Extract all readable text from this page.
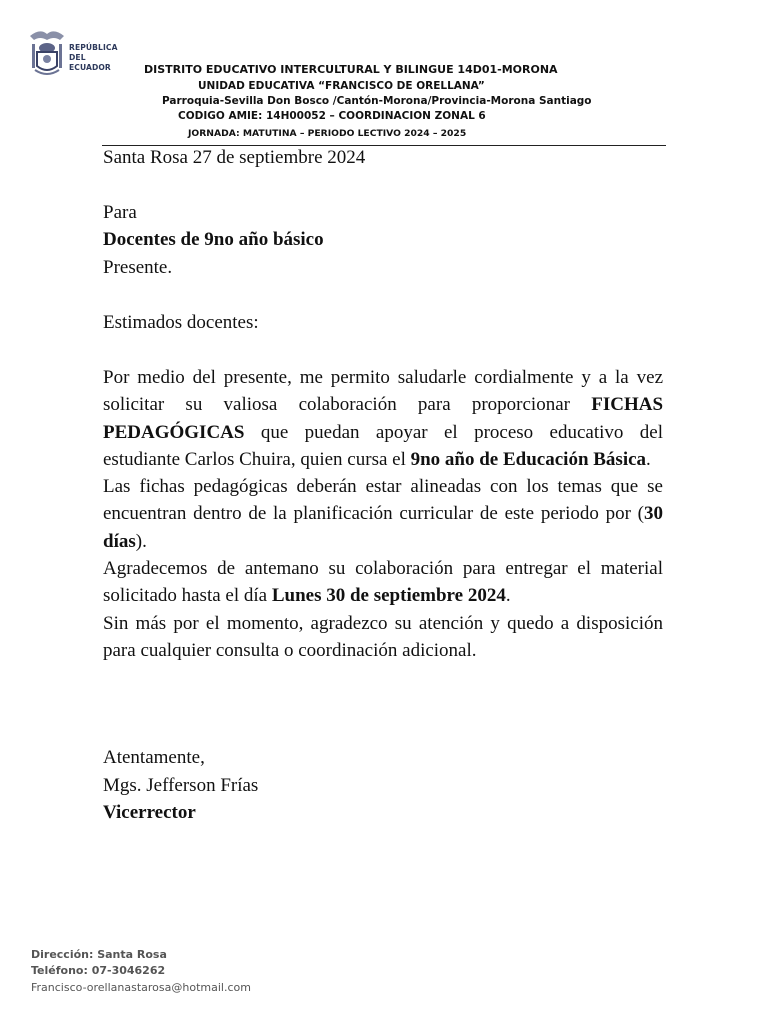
REPÚBLICA
DEL ECUADOR	DISTRITO EDUCATIVO INTERCULTURAL Y BILINGUE 14D01-MORONA
UNIDAD EDUCATIVA “FRANCISCO DE ORELLANA”
Parroquia-Sevilla Don Bosco /Cantón-Morona/Provincia-Morona Santiago
CODIGO AMIE: 14H00052 – COORDINACION ZONAL 6
JORNADA: MATUTINA – PERIODO LECTIVO 2024 – 2025
Santa Rosa 27 de septiembre 2024
Para
Docentes de 9no año básico
Presente.
Estimados docentes:
Por medio del presente, me permito saludarle cordialmente y a la vez solicitar su valiosa colaboración para proporcionar FICHAS PEDAGÓGICAS que puedan apoyar el proceso educativo del estudiante Carlos Chuira, quien cursa el 9no año de Educación Básica.
Las fichas pedagógicas deberán estar alineadas con los temas que se encuentran dentro de la planificación curricular de este periodo por (30 días).
Agradecemos de antemano su colaboración para entregar el material solicitado hasta el día Lunes 30 de septiembre 2024.
Sin más por el momento, agradezco su atención y quedo a disposición para cualquier consulta o coordinación adicional.
Atentamente,
Mgs. Jefferson Frías
Vicerrector
Dirección: Santa Rosa
Teléfono: 07-3046262
Francisco-orellanastarosa@hotmail.com
